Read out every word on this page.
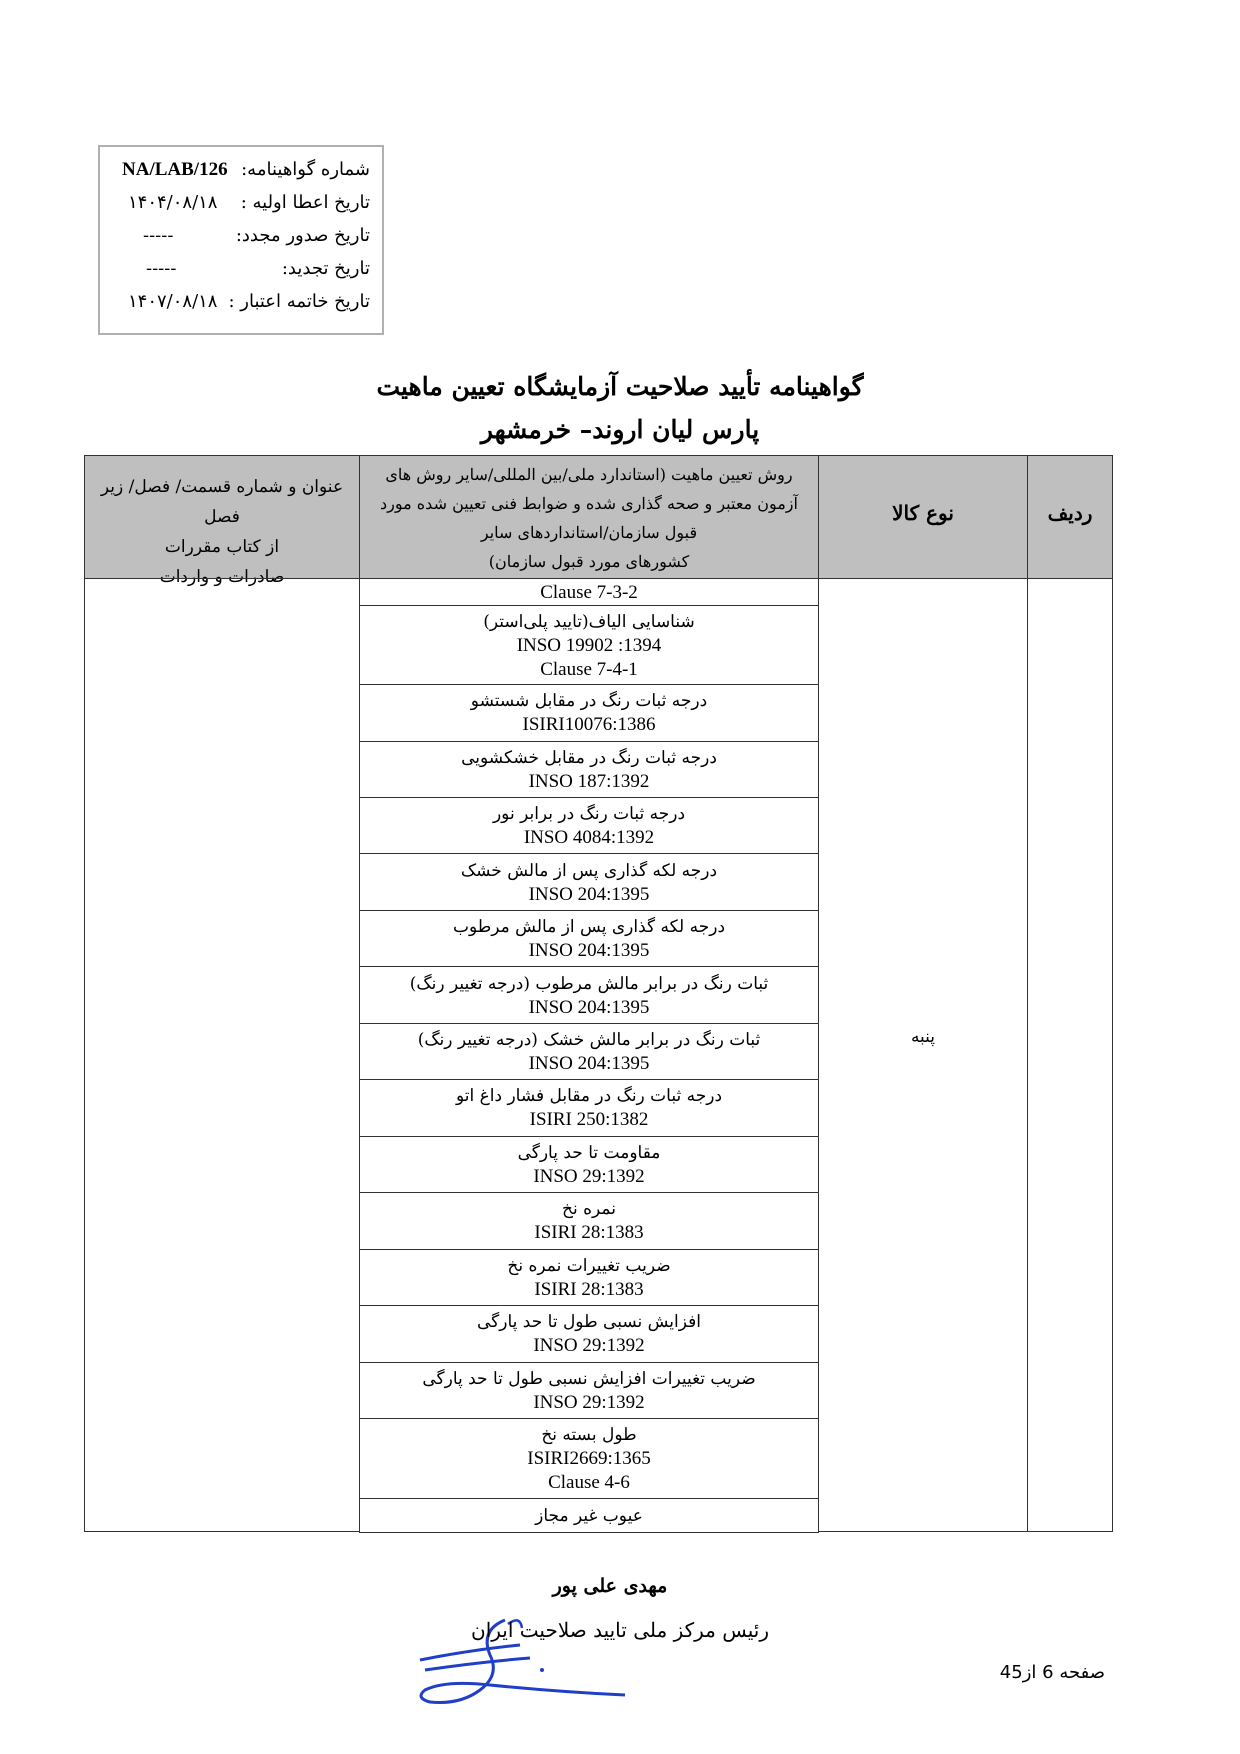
شماره گواهینامه:
NA/LAB/126
تاریخ اعطا اولیه :
۱۴۰۴/۰۸/۱۸
تاریخ صدور مجدد:
-----
تاریخ تجدید:
-----
تاریخ خاتمه اعتبار :
۱۴۰۷/۰۸/۱۸
گواهینامه تأیید صلاحیت آزمایشگاه تعیین ماهیت
پارس لیان اروند– خرمشهر
عنوان و شماره قسمت/ فصل/ زیر فصل
از کتاب مقررات
صادرات و واردات
روش تعیین ماهیت (استاندارد ملی/بین المللی/سایر روش های
آزمون معتبر و صحه گذاری شده و ضوابط فنی تعیین شده مورد
قبول سازمان/استانداردهای سایر
کشورهای مورد قبول سازمان)
نوع کالا	ردیف
پنبه
Clause 7-3-2
شناسایی الیاف(تایید پلی‌استر)
INSO 19902 :1394
Clause 7-4-1
درجه ثبات رنگ در مقابل شستشو
ISIRI10076:1386
درجه ثبات رنگ در مقابل خشکشویی
INSO 187:1392
درجه ثبات رنگ در برابر نور
INSO 4084:1392
درجه لکه گذاری پس از مالش خشک
INSO 204:1395
درجه لکه گذاری پس از مالش مرطوب
INSO 204:1395
ثبات رنگ در برابر مالش مرطوب (درجه تغییر رنگ)
INSO 204:1395
ثبات رنگ در برابر مالش خشک (درجه تغییر رنگ)
INSO 204:1395
درجه ثبات رنگ در مقابل فشار داغ اتو
ISIRI 250:1382
مقاومت تا حد پارگی
INSO 29:1392
نمره نخ
ISIRI 28:1383
ضریب تغییرات نمره نخ
ISIRI 28:1383
افزایش نسبی طول تا حد پارگی
INSO 29:1392
ضریب تغییرات افزایش نسبی طول تا حد پارگی
INSO 29:1392
طول بسته نخ
ISIRI2669:1365
Clause 4-6
عیوب غیر مجاز
مهدی علی پور
رئیس مرکز ملی تایید صلاحیت ایران
صفحه 6 از45
